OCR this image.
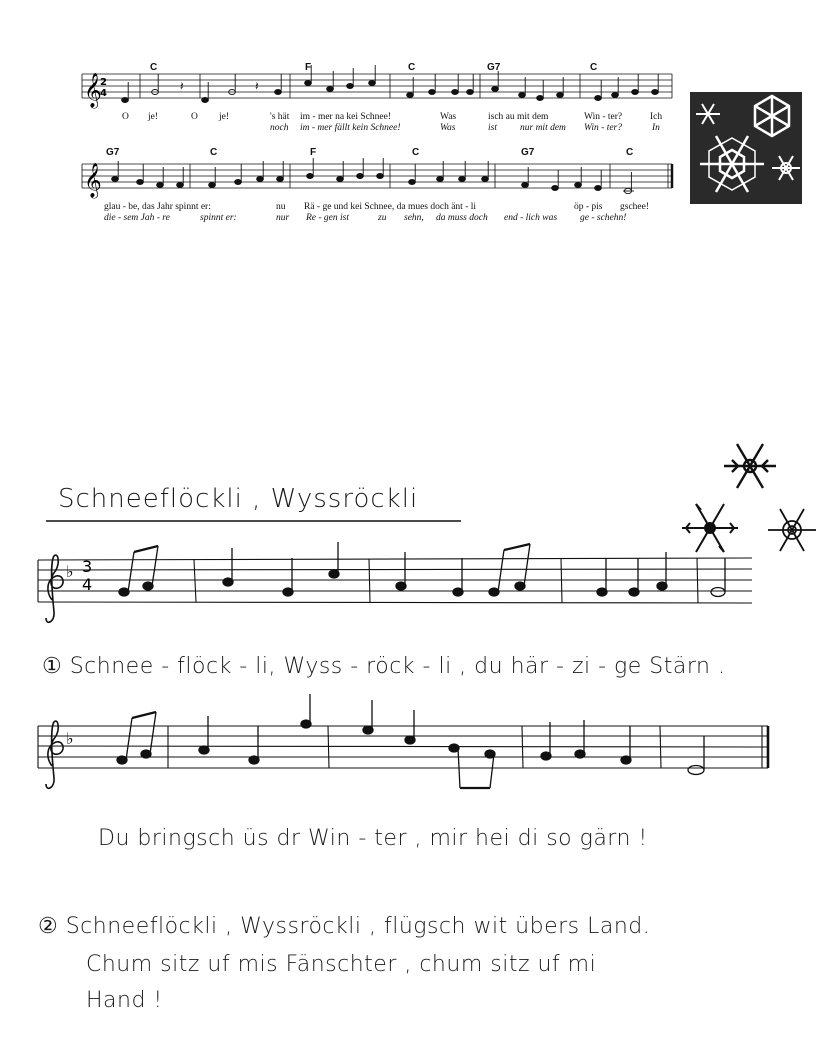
𝄞
2
4
𝄽	𝄽
C	F	C	G7	C
O je!	O je!	's hät im - mer na kei Schnee!	Was	isch au mit dem	Win - ter?	Ich
noch im - mer fällt kein Schnee!	Was	ist nur mit dem Win - ter?	In
𝄞
G7	C	F	C	G7	C
glau - be, das Jahr spinnt er:	nu Rä - ge und kei Schnee, da mues doch änt - li	öp - pis gschee!
die - sem Jah - re	spinnt er:	nur Re - gen ist	zu sehn, da muss doch end - lich was ge - schehn!
Schneeflöckli , Wyssröckli
♭ 3
4
① Schnee - flöck - li, Wyss - röck - li , du här - zi - ge Stärn .
♭
Du bringsch üs dr Win - ter , mir hei di so gärn !
② Schneeflöckli , Wyssröckli , flügsch wit übers Land.
Chum sitz uf mis Fänschter , chum sitz uf mi
Hand !
